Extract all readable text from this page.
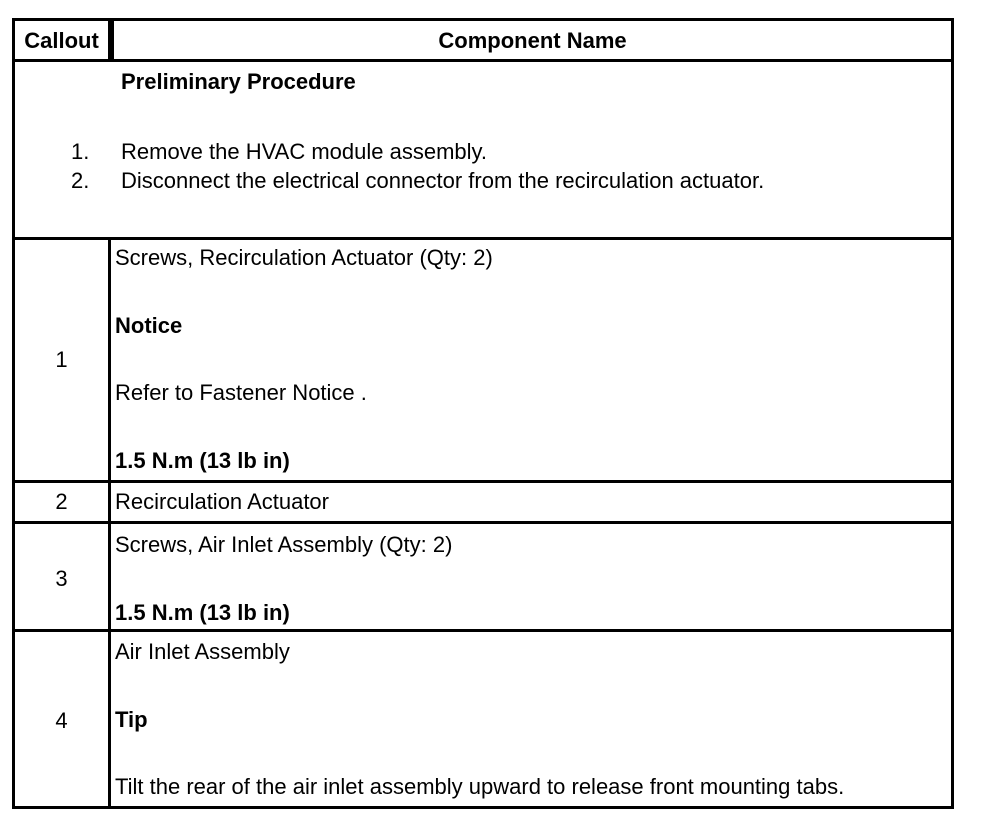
Callout	Component Name
Preliminary Procedure
1. Remove the HVAC module assembly.
2. Disconnect the electrical connector from the recirculation actuator.
1
Screws, Recirculation Actuator (Qty: 2)
Notice
Refer to Fastener Notice .
1.5 N.m (13 lb in)
2	Recirculation Actuator
3
Screws, Air Inlet Assembly (Qty: 2)
1.5 N.m (13 lb in)
4
Air Inlet Assembly
Tip
Tilt the rear of the air inlet assembly upward to release front mounting tabs.
